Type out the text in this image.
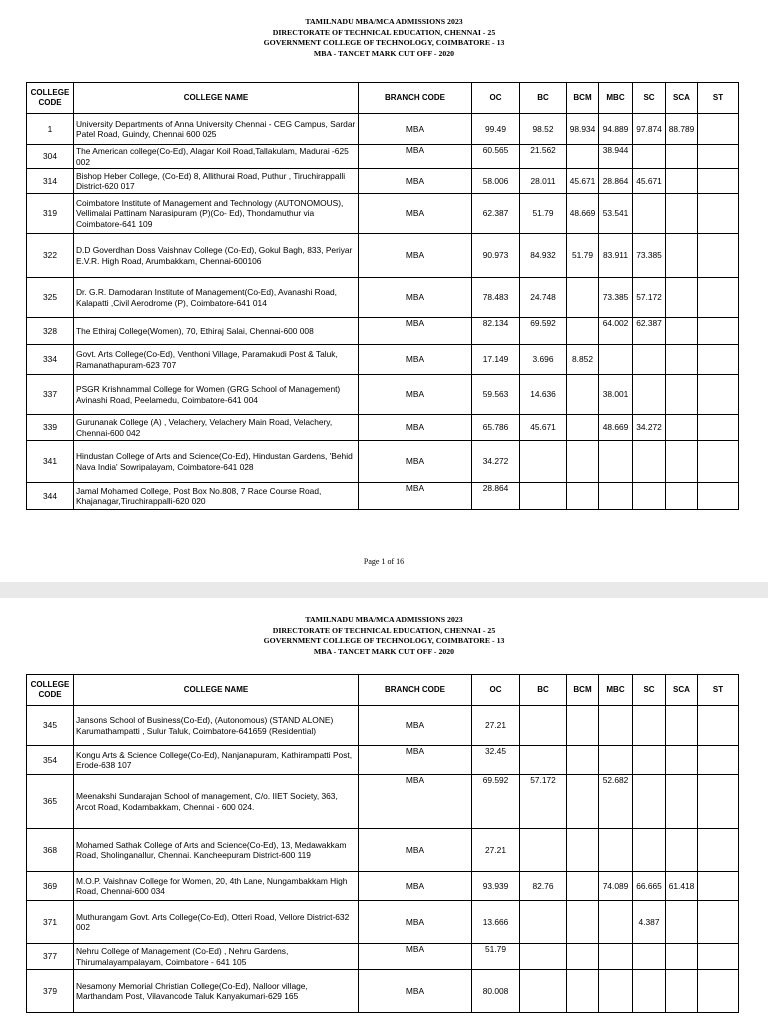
TAMILNADU MBA/MCA ADMISSIONS 2023
DIRECTORATE OF TECHNICAL EDUCATION, CHENNAI - 25
GOVERNMENT COLLEGE OF TECHNOLOGY, COIMBATORE - 13
MBA - TANCET MARK CUT OFF - 2020
COLLEGE CODE	COLLEGE NAME	BRANCH CODE	OC	BC	BCM	MBC	SC	SCA	ST
1	University Departments of Anna University Chennai - CEG Campus, Sardar Patel Road, Guindy, Chennai 600 025	MBA	99.49	98.52	98.934	94.889	97.874	88.789	
304	The American college(Co-Ed), Alagar Koil Road,Tallakulam, Madurai -625 002	MBA	60.565	21.562		38.944			
314	Bishop Heber College, (Co-Ed) 8, Allithurai Road, Puthur , Tiruchirappalli District-620 017	MBA	58.006	28.011	45.671	28.864	45.671		
319	Coimbatore Institute of Management and Technology (AUTONOMOUS), Vellimalai Pattinam Narasipuram (P)(Co- Ed), Thondamuthur via Coimbatore-641 109	MBA	62.387	51.79	48.669	53.541			
322	D.D Goverdhan Doss Vaishnav College (Co-Ed), Gokul Bagh, 833, Periyar E.V.R. High Road, Arumbakkam, Chennai-600106	MBA	90.973	84.932	51.79	83.911	73.385		
325	Dr. G.R. Damodaran Institute of Management(Co-Ed), Avanashi Road, Kalapatti ,Civil Aerodrome (P), Coimbatore-641 014	MBA	78.483	24.748		73.385	57.172		
328	The Ethiraj College(Women), 70, Ethiraj Salai, Chennai-600 008	MBA	82.134	69.592		64.002	62.387		
334	Govt. Arts College(Co-Ed), Venthoni Village, Paramakudi Post & Taluk, Ramanathapuram-623 707	MBA	17.149	3.696	8.852				
337	PSGR Krishnammal College for Women (GRG School of Management) Avinashi Road, Peelamedu, Coimbatore-641 004	MBA	59.563	14.636		38.001			
339	Gurunanak College (A) , Velachery, Velachery Main Road, Velachery, Chennai-600 042	MBA	65.786	45.671		48.669	34.272		
341	Hindustan College of Arts and Science(Co-Ed), Hindustan Gardens, 'Behid Nava India' Sowripalayam, Coimbatore-641 028	MBA	34.272						
344	Jamal Mohamed College, Post Box No.808, 7 Race Course Road, Khajanagar,Tiruchirappalli-620 020	MBA	28.864						
Page 1 of 16
TAMILNADU MBA/MCA ADMISSIONS 2023
DIRECTORATE OF TECHNICAL EDUCATION, CHENNAI - 25
GOVERNMENT COLLEGE OF TECHNOLOGY, COIMBATORE - 13
MBA - TANCET MARK CUT OFF - 2020
COLLEGE CODE	COLLEGE NAME	BRANCH CODE	OC	BC	BCM	MBC	SC	SCA	ST
345	Jansons School of Business(Co-Ed), (Autonomous) (STAND ALONE) Karumathampatti , Sulur Taluk, Coimbatore-641659 (Residential)	MBA	27.21						
354	Kongu Arts & Science College(Co-Ed), Nanjanapuram, Kathirampatti Post, Erode-638 107	MBA	32.45						
365	Meenakshi Sundarajan School of management, C/o. IIET Society, 363, Arcot Road, Kodambakkam, Chennai - 600 024.	MBA	69.592	57.172		52.682			
368	Mohamed Sathak College of Arts and Science(Co-Ed), 13, Medawakkam Road, Sholinganallur, Chennai. Kancheepuram District-600 119	MBA	27.21						
369	M.O.P. Vaishnav College for Women, 20, 4th Lane, Nungambakkam High Road, Chennai-600 034	MBA	93.939	82.76		74.089	66.665	61.418	
371	Muthurangam Govt. Arts College(Co-Ed), Otteri Road, Vellore District-632 002	MBA	13.666				4.387		
377	Nehru College of Management (Co-Ed) , Nehru Gardens, Thirumalayampalayam, Coimbatore - 641 105	MBA	51.79						
379	Nesamony Memorial Christian College(Co-Ed), Nalloor village, Marthandam Post, Vilavancode Taluk Kanyakumari-629 165	MBA	80.008						
